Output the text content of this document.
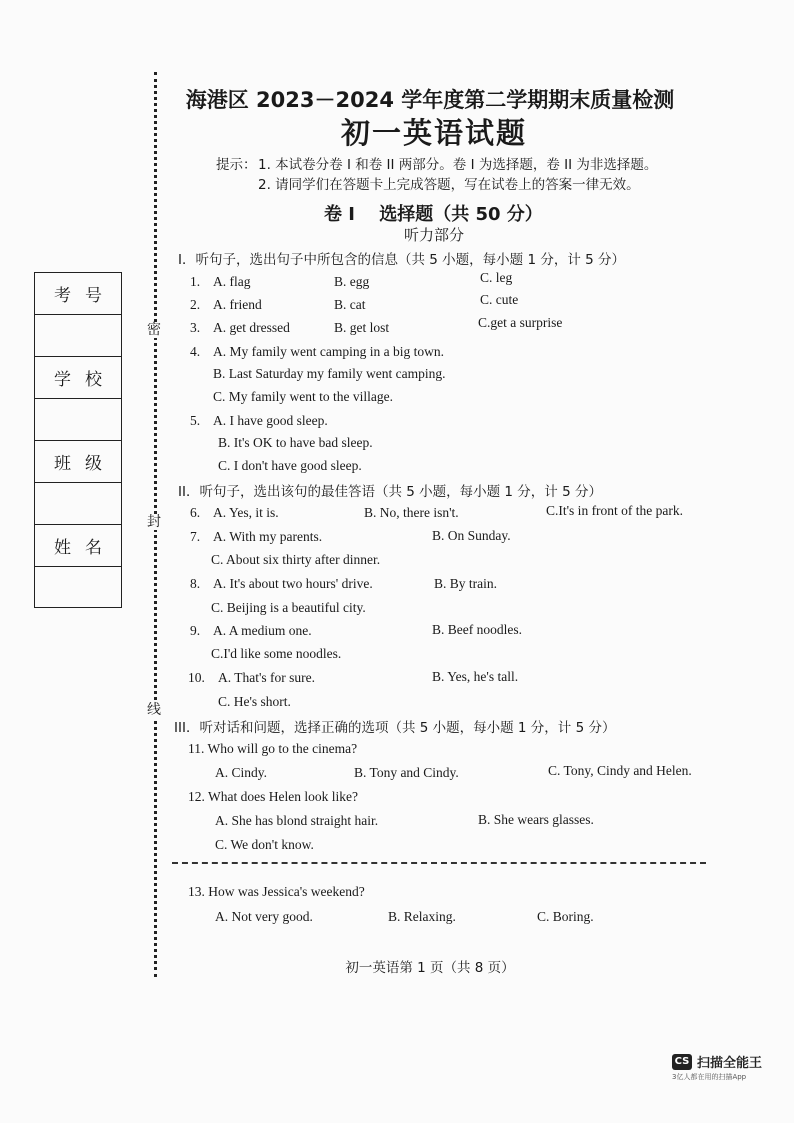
密
封
线
考号
学校
班级
姓名
海港区 2023－2024 学年度第二学期期末质量检测
初一英语试题
提示： 1. 本试卷分卷 I 和卷 II 两部分。卷 I 为选择题，卷 II 为非选择题。
2. 请同学们在答题卡上完成答题，写在试卷上的答案一律无效。
卷 I　 选择题（共 50 分）
听力部分
I．听句子，选出句子中所包含的信息（共 5 小题，每小题 1 分，计 5 分）
1. A. flag	B. egg	C. leg
2. A. friend	B. cat	C. cute
3. A. get dressed	B. get lost	C.get a surprise
4. A. My family went camping in a big town.
B. Last Saturday my family went camping.
C. My family went to the village.
5. A. I have good sleep.
B. It's OK to have bad sleep.
C. I don't have good sleep.
II．听句子，选出该句的最佳答语（共 5 小题，每小题 1 分，计 5 分）
6. A. Yes, it is.	B. No, there isn't.	C.It's in front of the park.
7. A. With my parents.	B. On Sunday.
C. About six thirty after dinner.
8. A. It's about two hours' drive.	B. By train.
C. Beijing is a beautiful city.
9. A. A medium one.	B. Beef noodles.
C.I'd like some noodles.
10. A. That's for sure.	B. Yes, he's tall.
C. He's short.
III．听对话和问题，选择正确的选项（共 5 小题，每小题 1 分，计 5 分）
11. Who will go to the cinema?
A. Cindy.	B. Tony and Cindy.	C. Tony, Cindy and Helen.
12. What does Helen look like?
A. She has blond straight hair.	B. She wears glasses.
C. We don't know.
13. How was Jessica's weekend?
A. Not very good.	B. Relaxing.	C. Boring.
初一英语第 1 页（共 8 页）
CS 扫描全能王
3亿人都在用的扫描App
